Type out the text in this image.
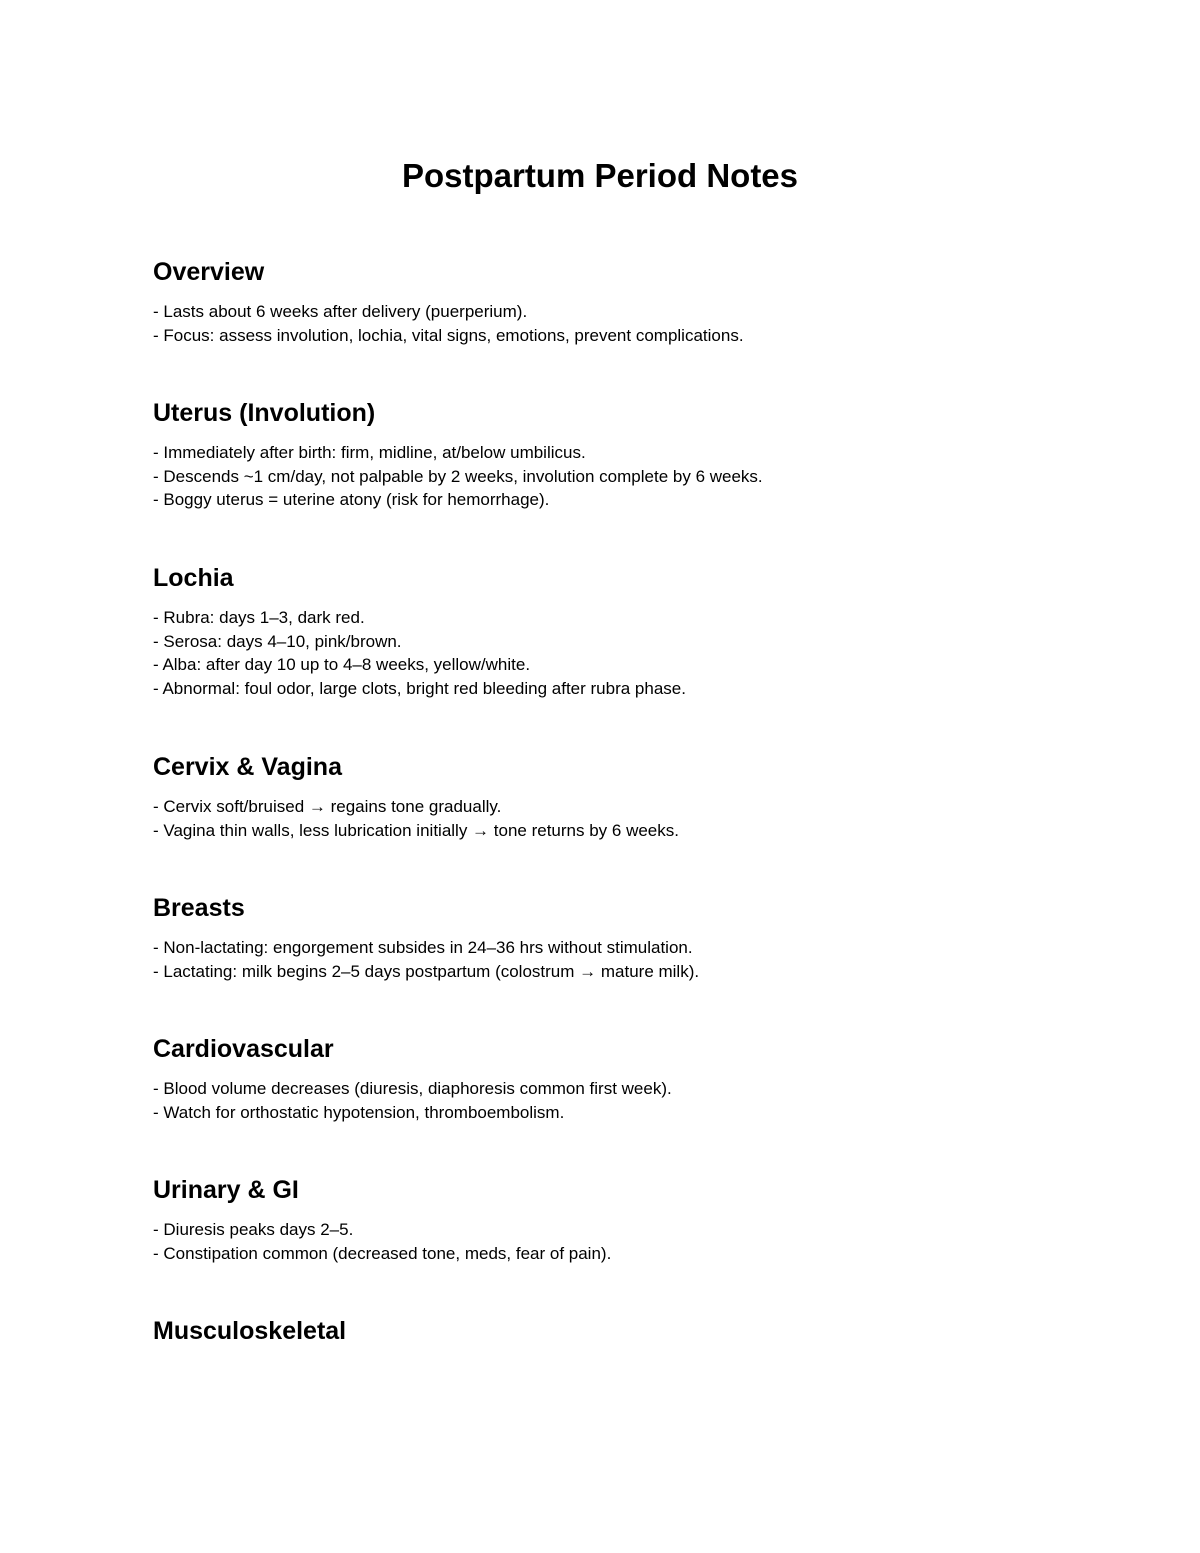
Postpartum Period Notes
Overview
- Lasts about 6 weeks after delivery (puerperium).
- Focus: assess involution, lochia, vital signs, emotions, prevent complications.
Uterus (Involution)
- Immediately after birth: firm, midline, at/below umbilicus.
- Descends ~1 cm/day, not palpable by 2 weeks, involution complete by 6 weeks.
- Boggy uterus = uterine atony (risk for hemorrhage).
Lochia
- Rubra: days 1–3, dark red.
- Serosa: days 4–10, pink/brown.
- Alba: after day 10 up to 4–8 weeks, yellow/white.
- Abnormal: foul odor, large clots, bright red bleeding after rubra phase.
Cervix & Vagina
- Cervix soft/bruised → regains tone gradually.
- Vagina thin walls, less lubrication initially → tone returns by 6 weeks.
Breasts
- Non-lactating: engorgement subsides in 24–36 hrs without stimulation.
- Lactating: milk begins 2–5 days postpartum (colostrum → mature milk).
Cardiovascular
- Blood volume decreases (diuresis, diaphoresis common first week).
- Watch for orthostatic hypotension, thromboembolism.
Urinary & GI
- Diuresis peaks days 2–5.
- Constipation common (decreased tone, meds, fear of pain).
Musculoskeletal
